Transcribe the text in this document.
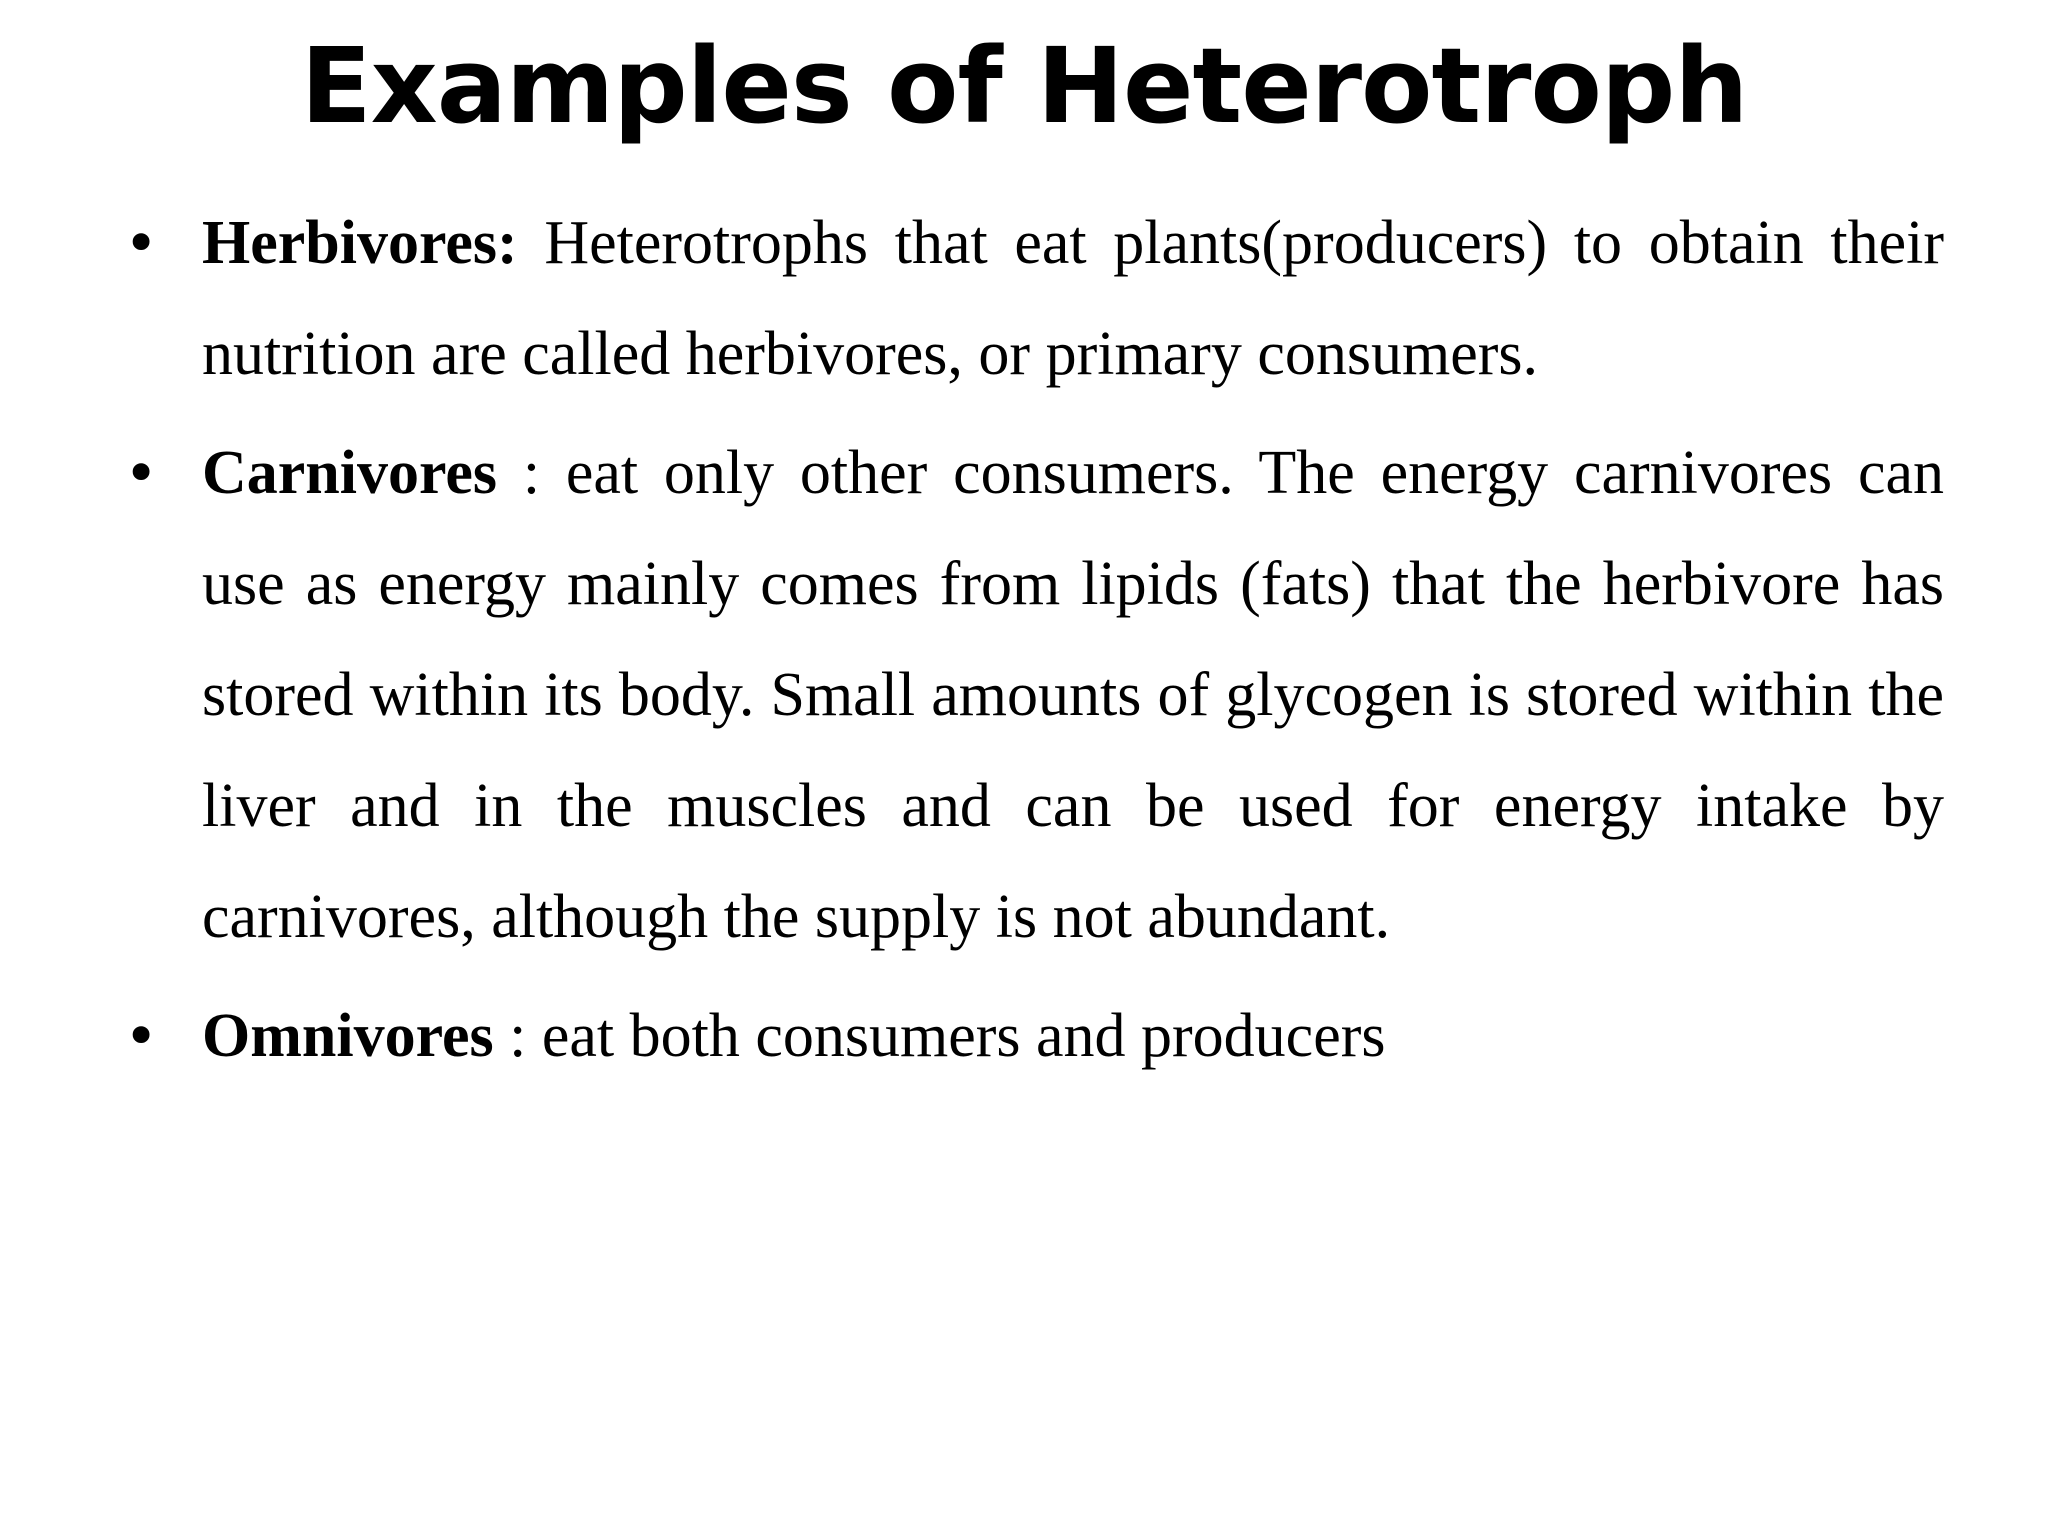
Examples of Heterotroph
• Herbivores: Heterotrophs that eat plants(producers) to obtain their nutrition are called herbivores, or primary consumers.
• Carnivores : eat only other consumers. The energy carnivores can use as energy mainly comes from lipids (fats) that the herbivore has stored within its body. Small amounts of glycogen is stored within the liver and in the muscles and can be used for energy intake by carnivores, although the supply is not abundant.
• Omnivores : eat both consumers and producers
